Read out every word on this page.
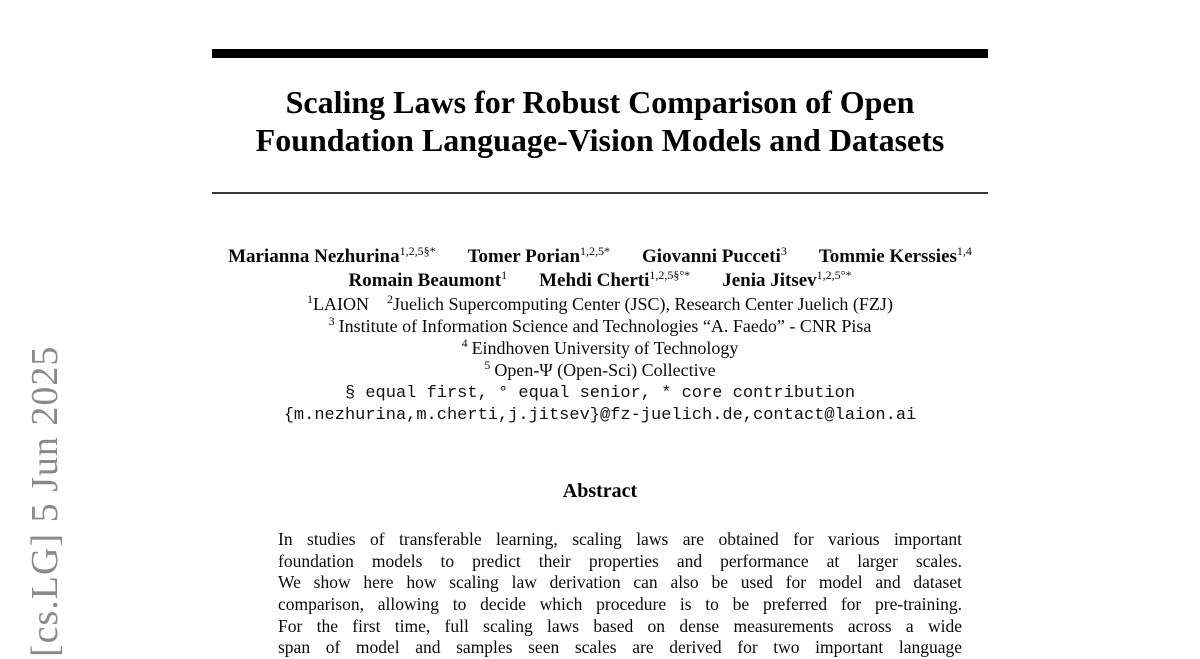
[cs.LG] 5 Jun 2025
Scaling Laws for Robust Comparison of Open
Foundation Language-Vision Models and Datasets
Marianna Nezhurina$^{1,2,5\S*}$ Tomer Porian$^{1,2,5*}$ Giovanni Pucceti$^3$ Tommie Kerssies$^{1,4}$
Romain Beaumont$^1$ Mehdi Cherti$^{1,2,5\S^\circ*}$ Jenia Jitsev$^{1,2,5^\circ*}$
$^1$LAION $^2$Juelich Supercomputing Center (JSC), Research Center Juelich (FZJ)
$^3$ Institute of Information Science and Technologies “A. Faedo” - CNR Pisa
$^4$ Eindhoven University of Technology
$^5$ Open-Ψ (Open-Sci) Collective
§ equal first, ° equal senior, * core contribution
{m.nezhurina,m.cherti,j.jitsev}@fz-juelich.de,contact@laion.ai
Abstract
In studies of transferable learning, scaling laws are obtained for various important
foundation models to predict their properties and performance at larger scales.
We show here how scaling law derivation can also be used for model and dataset
comparison, allowing to decide which procedure is to be preferred for pre-training.
For the first time, full scaling laws based on dense measurements across a wide
span of model and samples seen scales are derived for two important language
